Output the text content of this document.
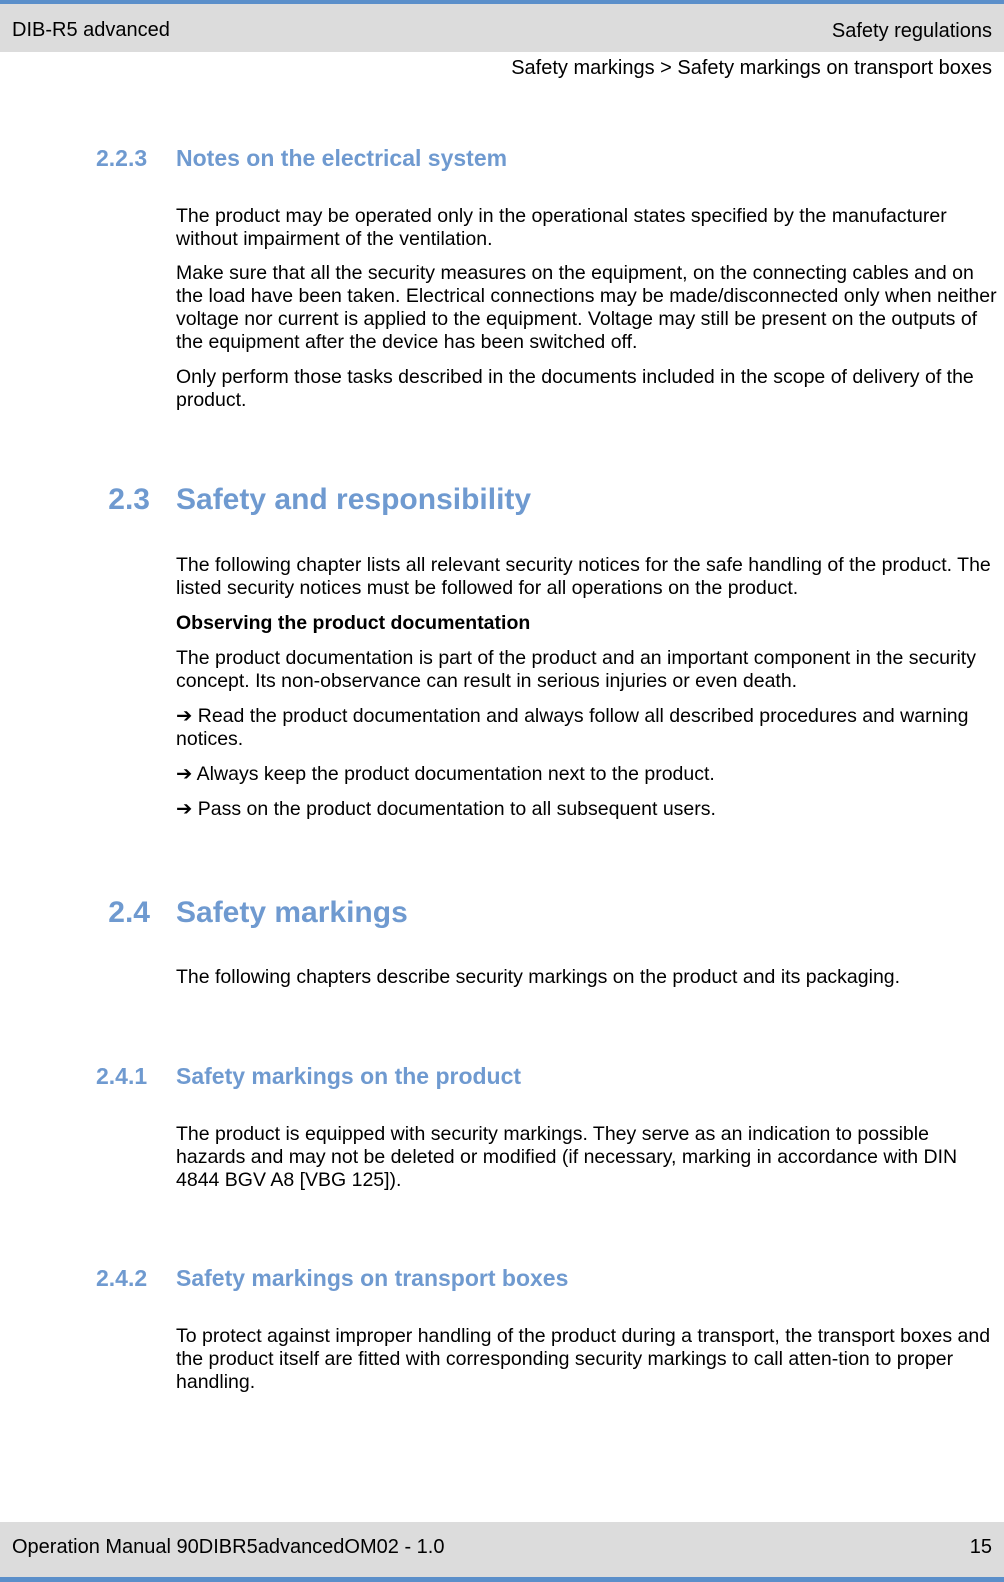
DIB-R5 advanced	Safety regulations
Safety markings > Safety markings on transport boxes
2.2.3	Notes on the electrical system

The product may be operated only in the operational states specified by the manufacturer without impairment of the ventilation.

Make sure that all the security measures on the equipment, on the connecting cables and on the load have been taken. Electrical connections may be made/disconnected only when neither voltage nor current is applied to the equipment. Voltage may still be present on the outputs of the equipment after the device has been switched off.

Only perform those tasks described in the documents included in the scope of delivery of the product.

2.3 Safety and responsibility

The following chapter lists all relevant security notices for the safe handling of the product. The listed security notices must be followed for all operations on the product.

Observing the product documentation

The product documentation is part of the product and an important component in the security concept. Its non-observance can result in serious injuries or even death.

➔ Read the product documentation and always follow all described procedures and warning notices.

➔ Always keep the product documentation next to the product.

➔ Pass on the product documentation to all subsequent users.

2.4 Safety markings

The following chapters describe security markings on the product and its packaging.

2.4.1	Safety markings on the product

The product is equipped with security markings. They serve as an indication to possible hazards and may not be deleted or modified (if necessary, marking in accordance with DIN 4844 BGV A8 [VBG 125]).

2.4.2	Safety markings on transport boxes

To protect against improper handling of the product during a transport, the transport boxes and the product itself are fitted with corresponding security markings to call atten-tion to proper handling.

Operation Manual 90DIBR5advancedOM02 - 1.0	15
